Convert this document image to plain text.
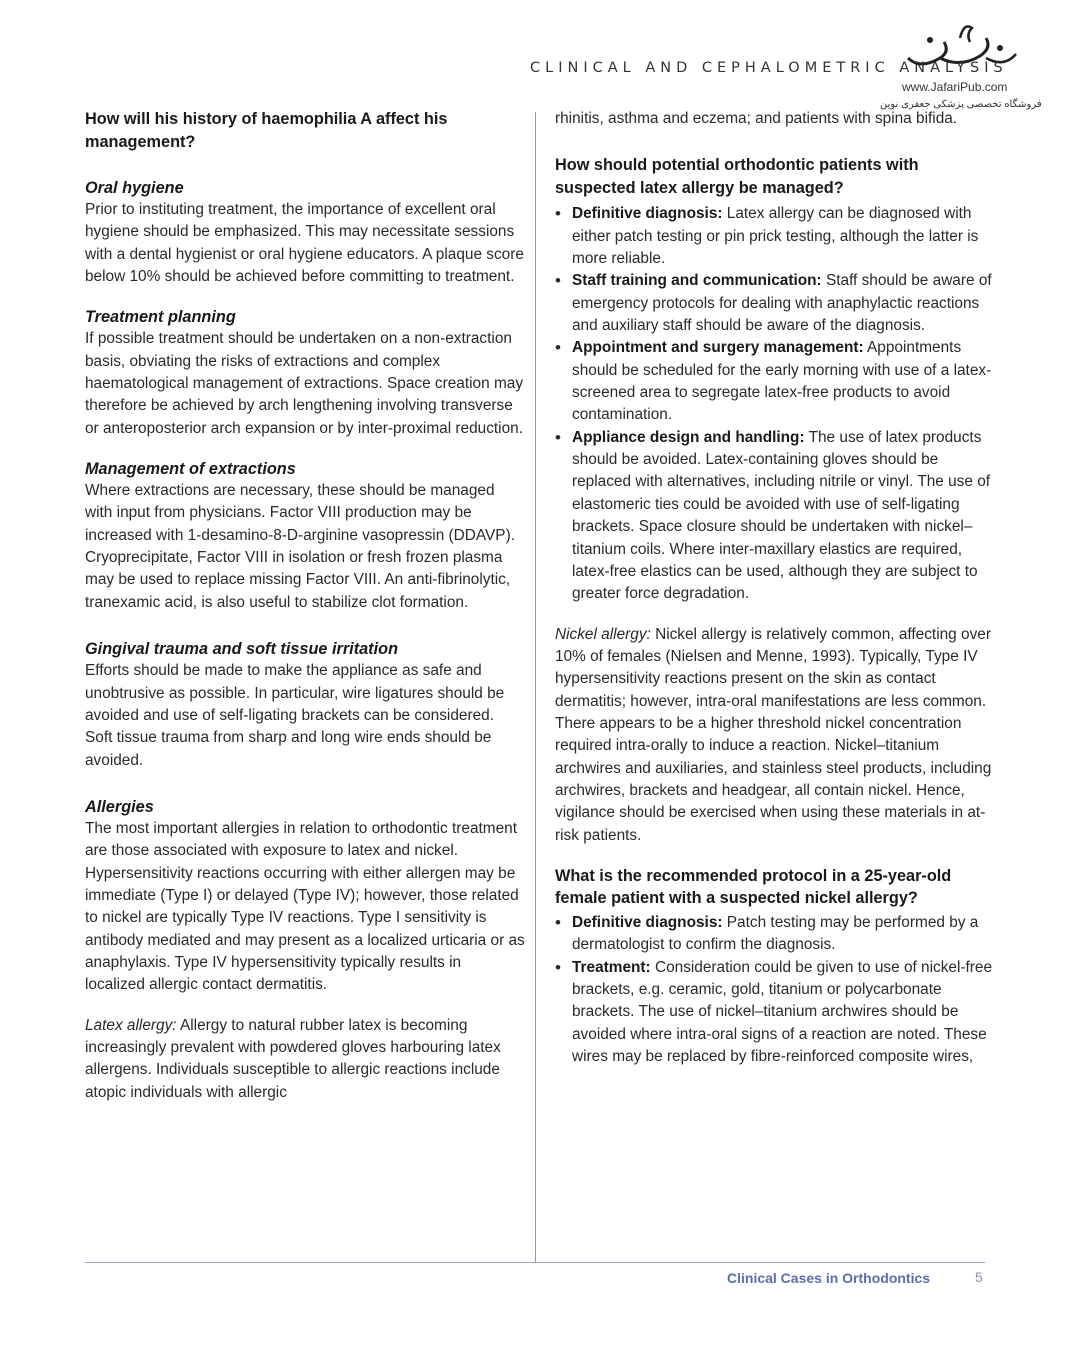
CLINICAL AND CEPHALOMETRIC ANALYSIS
www.JafariPub.com
فروشگاه تخصصی پزشکی جعفری نوین
How will his history of haemophilia A affect his management?
Oral hygiene

Prior to instituting treatment, the importance of excellent oral hygiene should be emphasized. This may necessitate sessions with a dental hygienist or oral hygiene educators. A plaque score below 10% should be achieved before committing to treatment.

Treatment planning

If possible treatment should be undertaken on a non-extraction basis, obviating the risks of extractions and complex haematological management of extractions. Space creation may therefore be achieved by arch lengthening involving transverse or anteroposterior arch expansion or by inter-proximal reduction.

Management of extractions

Where extractions are necessary, these should be managed with input from physicians. Factor VIII production may be increased with 1-desamino-8-D-arginine vasopressin (DDAVP). Cryoprecipitate, Factor VIII in isolation or fresh frozen plasma may be used to replace missing Factor VIII. An anti-fibrinolytic, tranexamic acid, is also useful to stabilize clot formation.

Gingival trauma and soft tissue irritation

Efforts should be made to make the appliance as safe and unobtrusive as possible. In particular, wire ligatures should be avoided and use of self-ligating brackets can be considered. Soft tissue trauma from sharp and long wire ends should be avoided.

Allergies

The most important allergies in relation to orthodontic treatment are those associated with exposure to latex and nickel. Hypersensitivity reactions occurring with either allergen may be immediate (Type I) or delayed (Type IV); however, those related to nickel are typically Type IV reactions. Type I sensitivity is antibody mediated and may present as a localized urticaria or as anaphylaxis. Type IV hypersensitivity typically results in localized allergic contact dermatitis.

Latex allergy: Allergy to natural rubber latex is becoming increasingly prevalent with powdered gloves harbouring latex allergens. Individuals susceptible to allergic reactions include atopic individuals with allergic

rhinitis, asthma and eczema; and patients with spina bifida.

How should potential orthodontic patients with suspected latex allergy be managed?
• Definitive diagnosis: Latex allergy can be diagnosed with either patch testing or pin prick testing, although the latter is more reliable.
• Staff training and communication: Staff should be aware of emergency protocols for dealing with anaphylactic reactions and auxiliary staff should be aware of the diagnosis.
• Appointment and surgery management: Appointments should be scheduled for the early morning with use of a latex-screened area to segregate latex-free products to avoid contamination.
• Appliance design and handling: The use of latex products should be avoided. Latex-containing gloves should be replaced with alternatives, including nitrile or vinyl. The use of elastomeric ties could be avoided with use of self-ligating brackets. Space closure should be undertaken with nickel–titanium coils. Where inter-maxillary elastics are required, latex-free elastics can be used, although they are subject to greater force degradation.

Nickel allergy: Nickel allergy is relatively common, affecting over 10% of females (Nielsen and Menne, 1993). Typically, Type IV hypersensitivity reactions present on the skin as contact dermatitis; however, intra-oral manifestations are less common. There appears to be a higher threshold nickel concentration required intra-orally to induce a reaction. Nickel–titanium archwires and auxiliaries, and stainless steel products, including archwires, brackets and headgear, all contain nickel. Hence, vigilance should be exercised when using these materials in at-risk patients.

What is the recommended protocol in a 25-year-old female patient with a suspected nickel allergy?
• Definitive diagnosis: Patch testing may be performed by a dermatologist to confirm the diagnosis.
• Treatment: Consideration could be given to use of nickel-free brackets, e.g. ceramic, gold, titanium or polycarbonate brackets. The use of nickel–titanium archwires should be avoided where intra-oral signs of a reaction are noted. These wires may be replaced by fibre-reinforced composite wires,
Clinical Cases in Orthodontics	5
